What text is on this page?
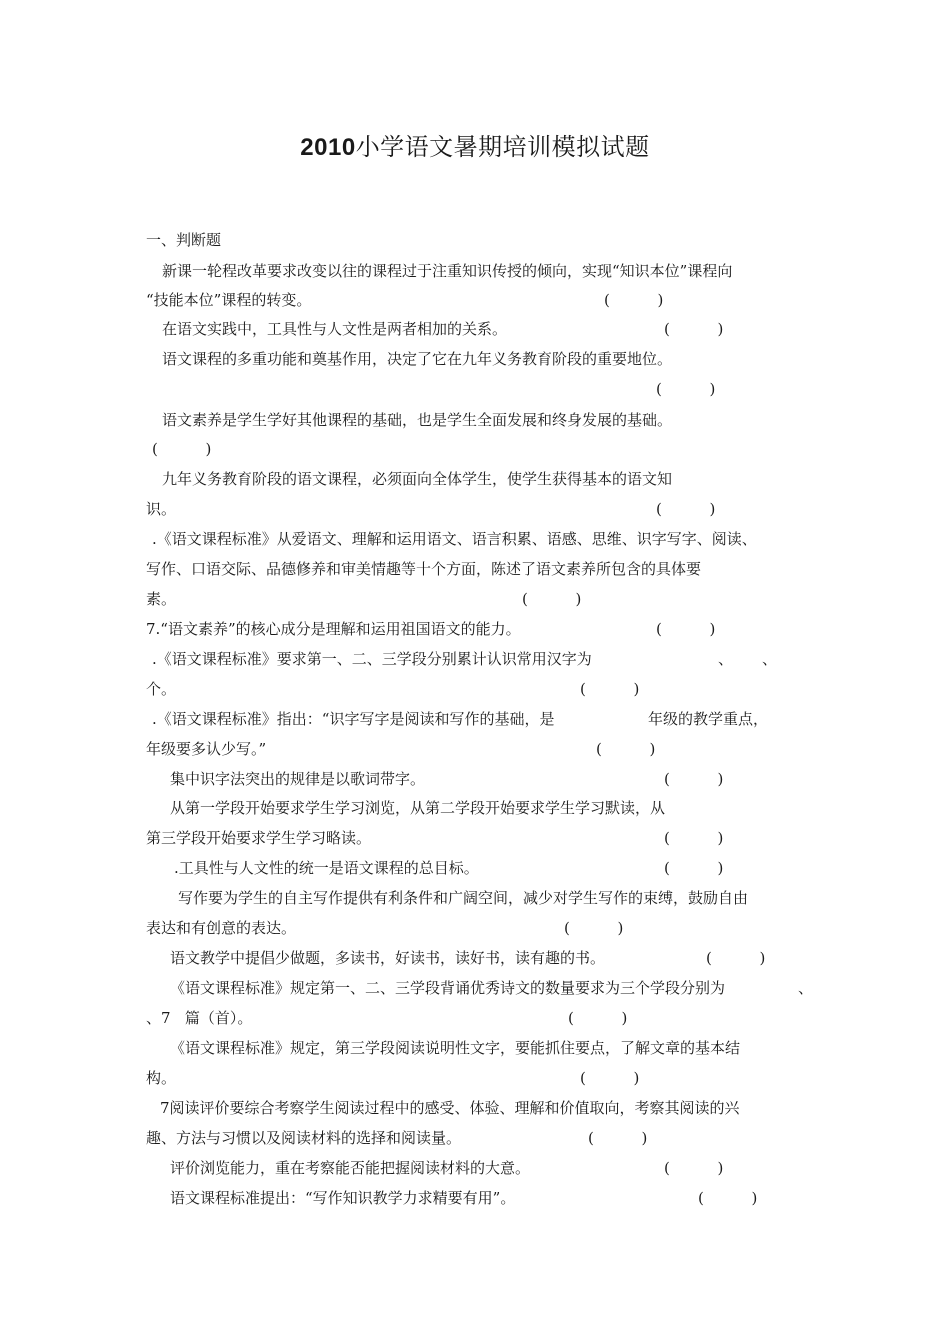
2010小学语文暑期培训模拟试题
一、判断题
新课一轮程改革要求改变以往的课程过于注重知识传授的倾向，实现“知识本位”课程向
“技能本位”课程的转变。	(          )
在语文实践中，工具性与人文性是两者相加的关系。	(          )
语文课程的多重功能和奠基作用，决定了它在九年义务教育阶段的重要地位。
(          )
语文素养是学生学好其他课程的基础，也是学生全面发展和终身发展的基础。
(          )
九年义务教育阶段的语文课程，必须面向全体学生，使学生获得基本的语文知
识。	(          )
.《语文课程标准》从爱语文、理解和运用语文、语言积累、语感、思维、识字写字、阅读、
写作、口语交际、品德修养和审美情趣等十个方面，陈述了语文素养所包含的具体要
素。	(          )
7.“语文素养”的核心成分是理解和运用祖国语文的能力。	(          )
.《语文课程标准》要求第一、二、三学段分别累计认识常用汉字为	、 、
个。	(          )
.《语文课程标准》指出：“识字写字是阅读和写作的基础，是	年级的教学重点，
年级要多认少写。”	(          )
集中识字法突出的规律是以歌词带字。	(          )
从第一学段开始要求学生学习浏览，从第二学段开始要求学生学习默读，从
第三学段开始要求学生学习略读。	(          )
.工具性与人文性的统一是语文课程的总目标。	(          )
写作要为学生的自主写作提供有利条件和广阔空间，减少对学生写作的束缚，鼓励自由
表达和有创意的表达。	(          )
语文教学中提倡少做题，多读书，好读书，读好书，读有趣的书。	(          )
《语文课程标准》规定第一、二、三学段背诵优秀诗文的数量要求为三个学段分别为	、
、7   篇（首）。	(          )
《语文课程标准》规定，第三学段阅读说明性文字，要能抓住要点，了解文章的基本结
构。	(          )
7阅读评价要综合考察学生阅读过程中的感受、体验、理解和价值取向，考察其阅读的兴
趣、方法与习惯以及阅读材料的选择和阅读量。	(          )
评价浏览能力，重在考察能否能把握阅读材料的大意。	(          )
语文课程标准提出：“写作知识教学力求精要有用”。	(          )
